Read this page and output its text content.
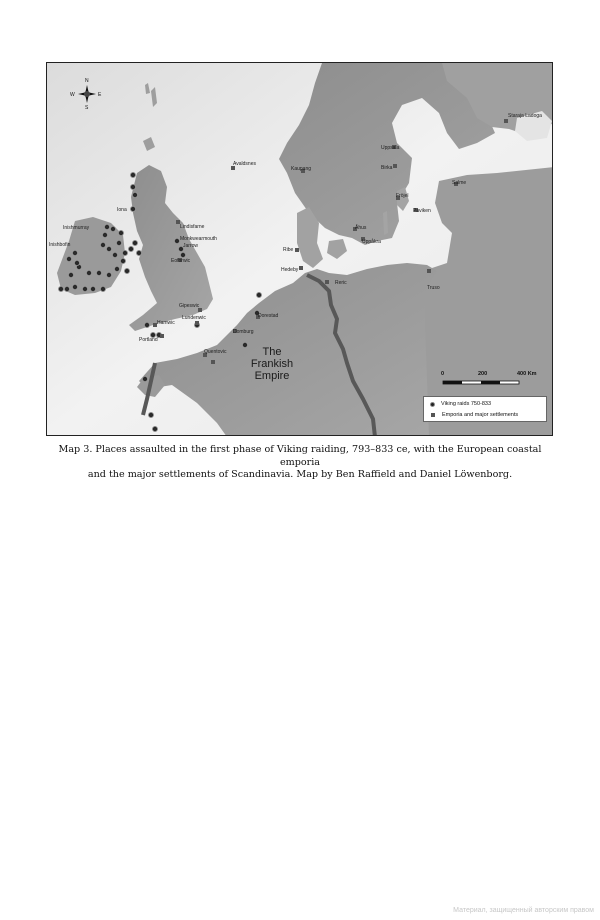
N
S
E
W
The
Frankish
Empire
Staraja Ladoga
Avaldsnes
Uppsala
Kaupang	Birka
Salme
Fröjel
Paviken
Iona
Lindisfarne
Inishmurray
Monkwearmouth
Inishbofin	Jarrow
Eoforwic
Ribe
Åhus
Uppåkra
Hedeby
Reric
Truso
Gipeswic
Lundenwic
Hamwic
Dorestad
Portland
Domburg
Quentovic
0	200	400 Km
Viking raids 750-833
Emporia and major settlements
Map 3. Places assaulted in the first phase of Viking raiding, 793–833 ce, with the European coastal emporia
and the major settlements of Scandinavia. Map by Ben Raffield and Daniel Löwenborg.
Материал, защищенный авторским правом
